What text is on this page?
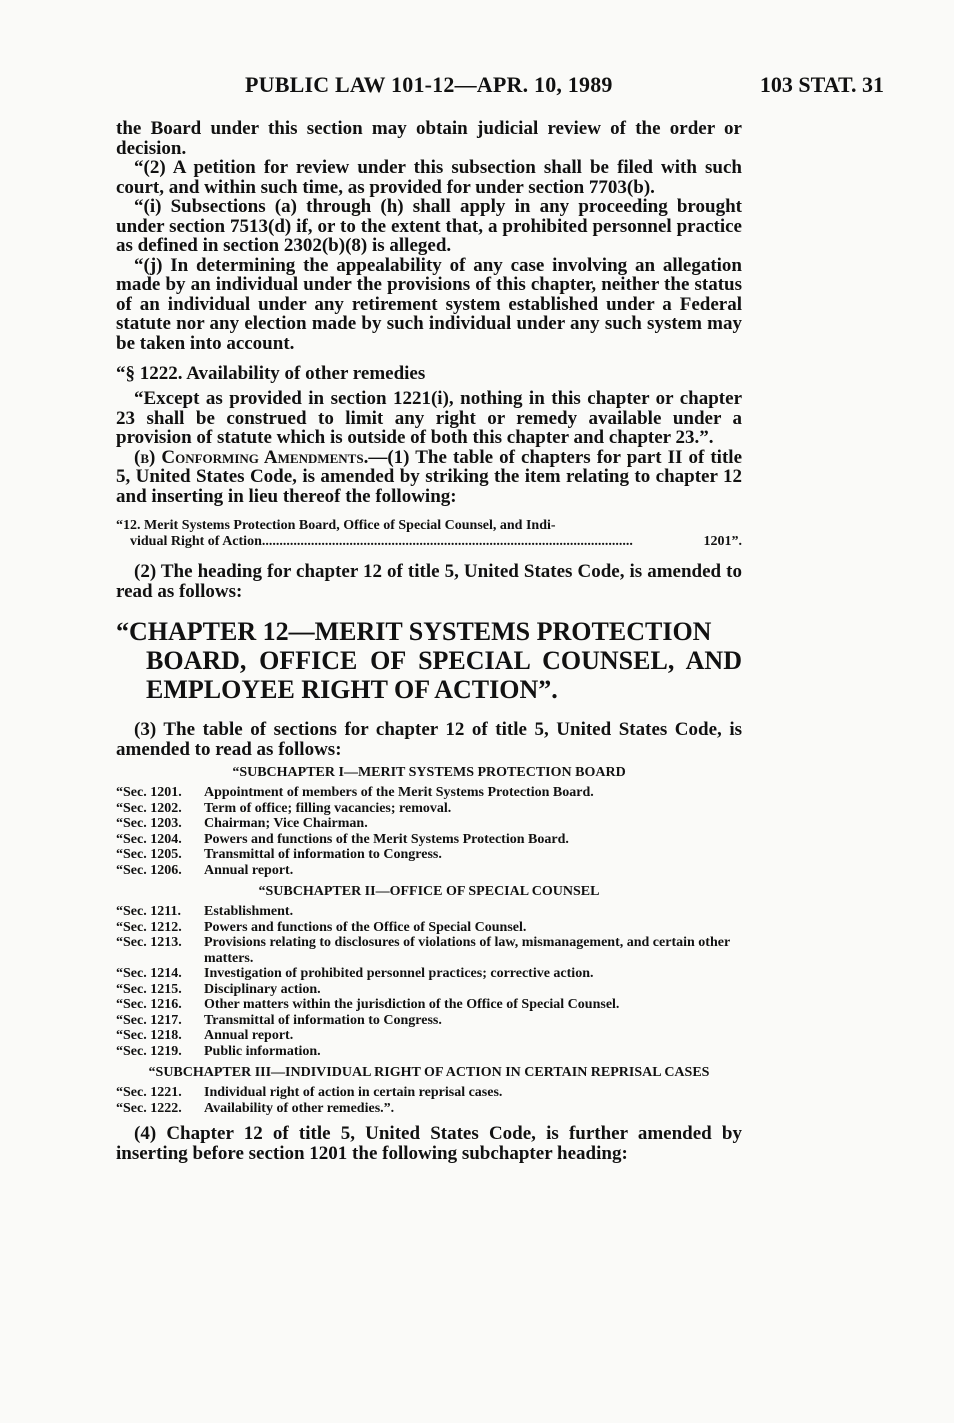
PUBLIC LAW 101-12—APR. 10, 1989	103 STAT. 31

the Board under this section may obtain judicial review of the order or decision.

“(2) A petition for review under this subsection shall be filed with such court, and within such time, as provided for under section 7703(b).

“(i) Subsections (a) through (h) shall apply in any proceeding brought under section 7513(d) if, or to the extent that, a prohibited personnel practice as defined in section 2302(b)(8) is alleged.

“(j) In determining the appealability of any case involving an allegation made by an individual under the provisions of this chapter, neither the status of an individual under any retirement system established under a Federal statute nor any election made by such individual under any such system may be taken into account.

“§ 1222. Availability of other remedies

“Except as provided in section 1221(i), nothing in this chapter or chapter 23 shall be construed to limit any right or remedy available under a provision of statute which is outside of both this chapter and chapter 23.”.

(b) Conforming Amendments.—(1) The table of chapters for part II of title 5, United States Code, is amended by striking the item relating to chapter 12 and inserting in lieu thereof the following:

“12. Merit Systems Protection Board, Office of Special Counsel, and Indi-
vidual Right of Action ..........................................................................................................	1201”.

(2) The heading for chapter 12 of title 5, United States Code, is amended to read as follows:

“CHAPTER 12—MERIT SYSTEMS PROTECTION
BOARD, OFFICE OF SPECIAL COUNSEL, AND EMPLOYEE RIGHT OF ACTION”.

(3) The table of sections for chapter 12 of title 5, United States Code, is amended to read as follows:

“SUBCHAPTER I—MERIT SYSTEMS PROTECTION BOARD
“Sec. 1201.	Appointment of members of the Merit Systems Protection Board.
“Sec. 1202.	Term of office; filling vacancies; removal.
“Sec. 1203.	Chairman; Vice Chairman.
“Sec. 1204.	Powers and functions of the Merit Systems Protection Board.
“Sec. 1205.	Transmittal of information to Congress.
“Sec. 1206.	Annual report.
“SUBCHAPTER II—OFFICE OF SPECIAL COUNSEL
“Sec. 1211.	Establishment.
“Sec. 1212.	Powers and functions of the Office of Special Counsel.
“Sec. 1213.	Provisions relating to disclosures of violations of law, mismanagement, and certain other matters.
“Sec. 1214.	Investigation of prohibited personnel practices; corrective action.
“Sec. 1215.	Disciplinary action.
“Sec. 1216.	Other matters within the jurisdiction of the Office of Special Counsel.
“Sec. 1217.	Transmittal of information to Congress.
“Sec. 1218.	Annual report.
“Sec. 1219.	Public information.
“SUBCHAPTER III—INDIVIDUAL RIGHT OF ACTION IN CERTAIN REPRISAL CASES
“Sec. 1221.	Individual right of action in certain reprisal cases.
“Sec. 1222.	Availability of other remedies.”.

(4) Chapter 12 of title 5, United States Code, is further amended by inserting before section 1201 the following subchapter heading:
